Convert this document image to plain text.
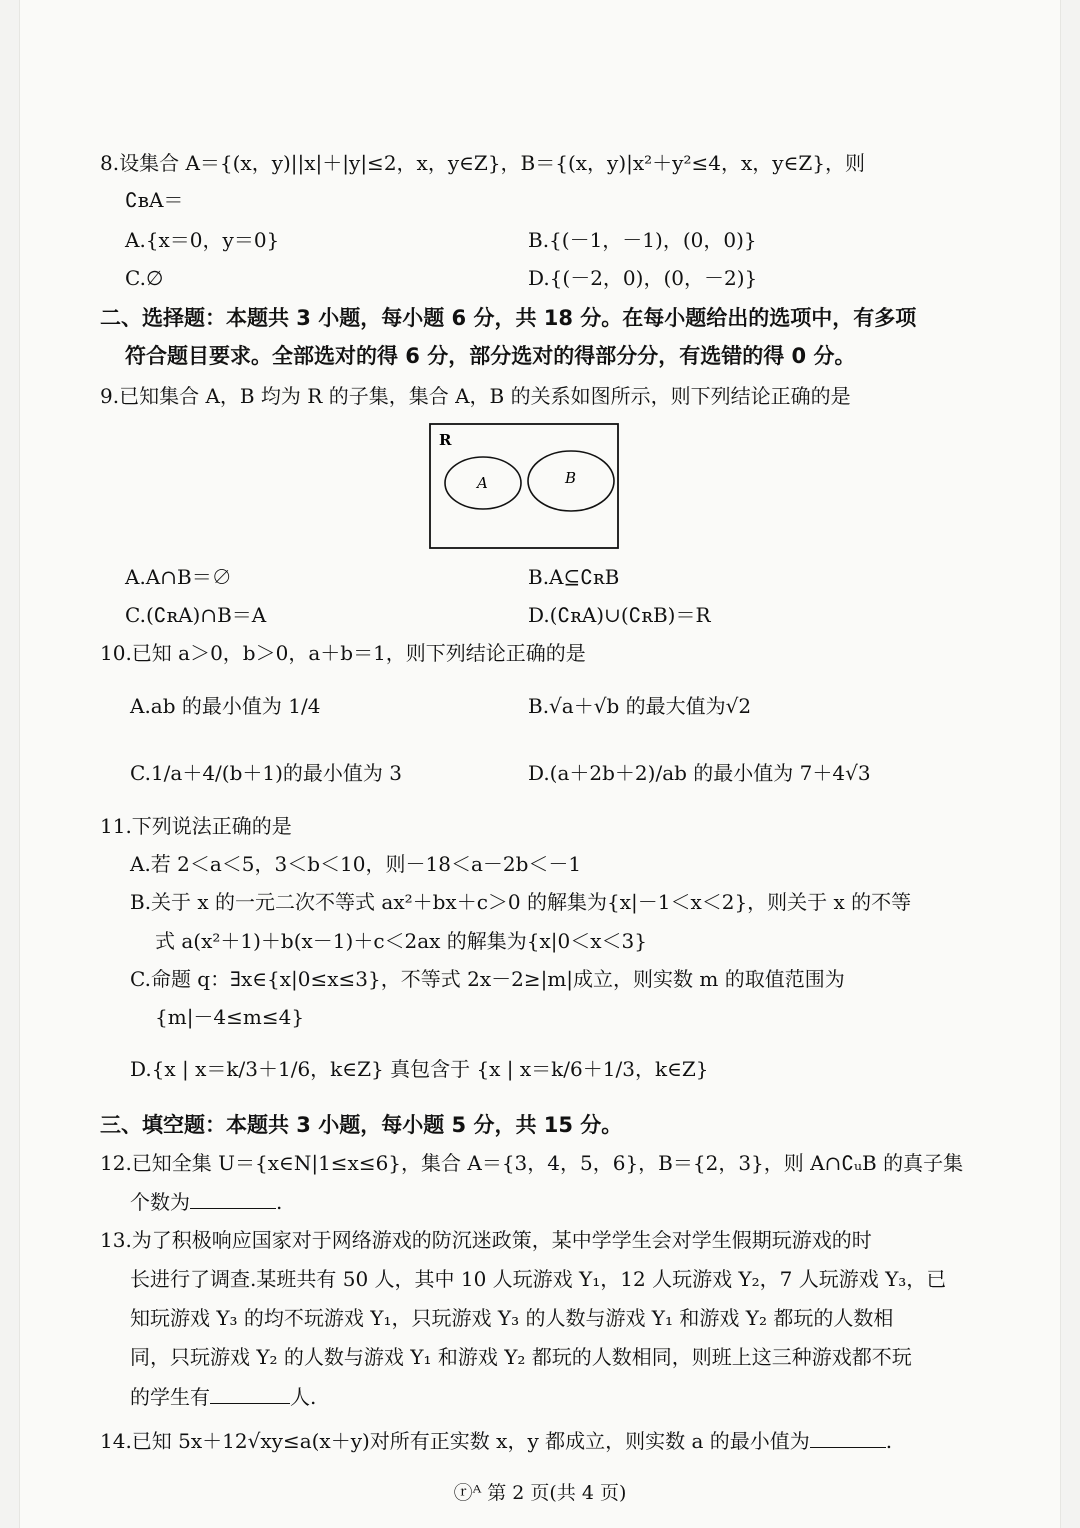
8.设集合 A＝{(x，y)||x|＋|y|≤2，x，y∈Z}，B＝{(x，y)|x²＋y²≤4，x，y∈Z}，则
∁ʙA＝
A.{x＝0，y＝0}	B.{(－1，－1)，(0，0)}
C.∅	D.{(－2，0)，(0，－2)}
二、选择题：本题共 3 小题，每小题 6 分，共 18 分。在每小题给出的选项中，有多项
符合题目要求。全部选对的得 6 分，部分选对的得部分分，有选错的得 0 分。
9.已知集合 A，B 均为 R 的子集，集合 A，B 的关系如图所示，则下列结论正确的是
R
A	B
A.A∩B＝∅	B.A⊆∁ʀB
C.(∁ʀA)∩B＝A	D.(∁ʀA)∪(∁ʀB)＝R
10.已知 a＞0，b＞0，a＋b＝1，则下列结论正确的是
A.ab 的最小值为 1/4	B.√a＋√b 的最大值为√2
C.1/a＋4/(b＋1)的最小值为 3	D.(a＋2b＋2)/ab 的最小值为 7＋4√3
11.下列说法正确的是
A.若 2＜a＜5，3＜b＜10，则－18＜a－2b＜－1
B.关于 x 的一元二次不等式 ax²＋bx＋c＞0 的解集为{x|－1＜x＜2}，则关于 x 的不等
式 a(x²＋1)＋b(x－1)＋c＜2ax 的解集为{x|0＜x＜3}
C.命题 q：∃x∈{x|0≤x≤3}，不等式 2x－2≥|m|成立，则实数 m 的取值范围为
{m|－4≤m≤4}
D.{x | x＝k/3＋1/6，k∈Z} 真包含于 {x | x＝k/6＋1/3，k∈Z}
三、填空题：本题共 3 小题，每小题 5 分，共 15 分。
12.已知全集 U＝{x∈N|1≤x≤6}，集合 A＝{3，4，5，6}，B＝{2，3}，则 A∩∁ᵤB 的真子集
个数为	.
13.为了积极响应国家对于网络游戏的防沉迷政策，某中学学生会对学生假期玩游戏的时
长进行了调查.某班共有 50 人，其中 10 人玩游戏 Y₁，12 人玩游戏 Y₂，7 人玩游戏 Y₃，已
知玩游戏 Y₃ 的均不玩游戏 Y₁，只玩游戏 Y₃ 的人数与游戏 Y₁ 和游戏 Y₂ 都玩的人数相
同，只玩游戏 Y₂ 的人数与游戏 Y₁ 和游戏 Y₂ 都玩的人数相同，则班上这三种游戏都不玩
的学生有	人.
14.已知 5x＋12√xy≤a(x＋y)对所有正实数 x，y 都成立，则实数 a 的最小值为	.
ⓡᴬ 第 2 页(共 4 页)
